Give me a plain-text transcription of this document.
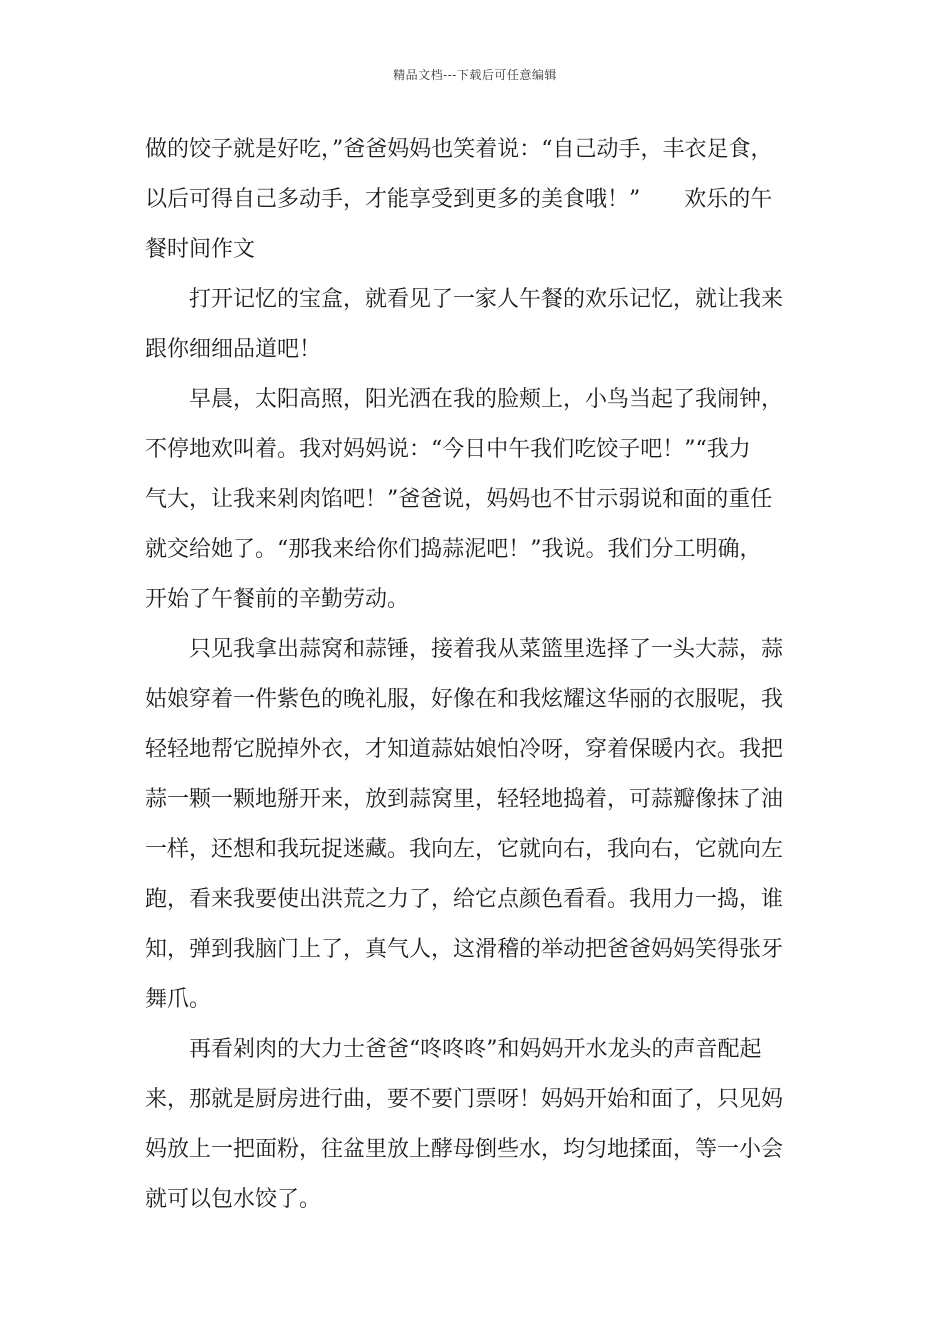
精品文档---下载后可任意编辑
做的饺子就是好吃，”爸爸妈妈也笑着说：“自己动手，丰衣足食，
以后可得自己多动手，才能享受到更多的美食哦！”　　欢乐的午
餐时间作文
打开记忆的宝盒，就看见了一家人午餐的欢乐记忆，就让我来
跟你细细品道吧！
早晨，太阳高照，阳光洒在我的脸颊上，小鸟当起了我闹钟，
不停地欢叫着。我对妈妈说：“今日中午我们吃饺子吧！”“我力
气大，让我来剁肉馅吧！”爸爸说，妈妈也不甘示弱说和面的重任
就交给她了。“那我来给你们捣蒜泥吧！”我说。我们分工明确，
开始了午餐前的辛勤劳动。
只见我拿出蒜窝和蒜锤，接着我从菜篮里选择了一头大蒜，蒜
姑娘穿着一件紫色的晚礼服，好像在和我炫耀这华丽的衣服呢，我
轻轻地帮它脱掉外衣，才知道蒜姑娘怕冷呀，穿着保暖内衣。我把
蒜一颗一颗地掰开来，放到蒜窝里，轻轻地捣着，可蒜瓣像抹了油
一样，还想和我玩捉迷藏。我向左，它就向右，我向右，它就向左
跑，看来我要使出洪荒之力了，给它点颜色看看。我用力一捣，谁
知，弹到我脑门上了，真气人，这滑稽的举动把爸爸妈妈笑得张牙
舞爪。
再看剁肉的大力士爸爸“咚咚咚”和妈妈开水龙头的声音配起
来，那就是厨房进行曲，要不要门票呀！妈妈开始和面了，只见妈
妈放上一把面粉，往盆里放上酵母倒些水，均匀地揉面，等一小会
就可以包水饺了。
